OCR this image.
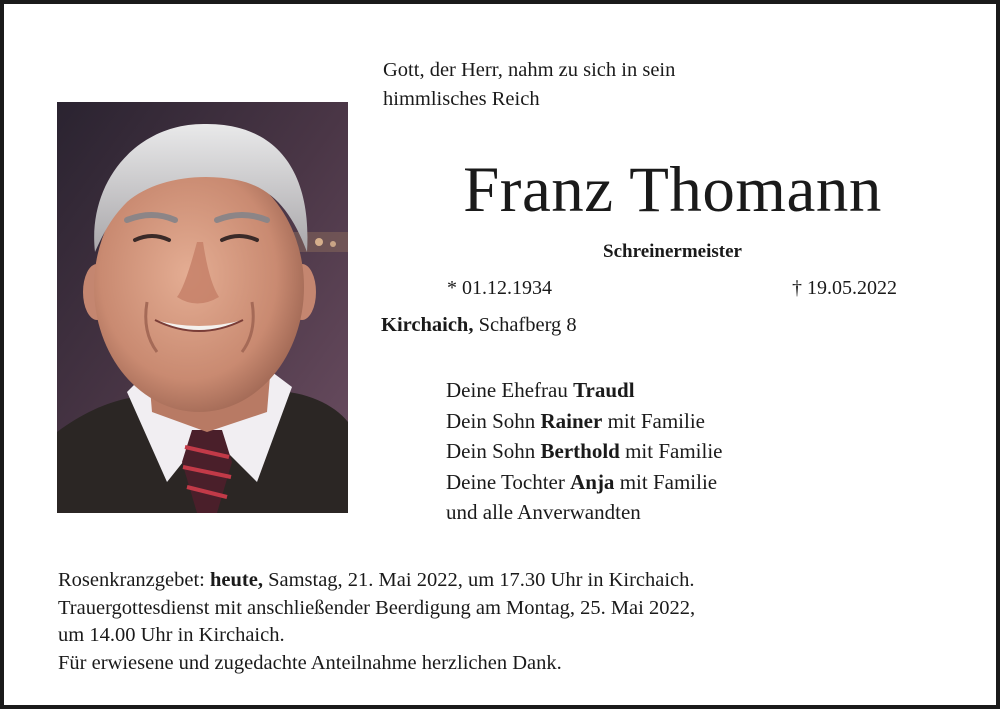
Gott, der Herr, nahm zu sich in sein
himmlisches Reich
Franz Thomann
Schreinermeister
* 01.12.1934	† 19.05.2022
Kirchaich, Schafberg 8
Deine Ehefrau Traudl
Dein Sohn Rainer mit Familie
Dein Sohn Berthold mit Familie
Deine Tochter Anja mit Familie
und alle Anverwandten
Rosenkranzgebet: heute, Samstag, 21. Mai 2022, um 17.30 Uhr in Kirchaich.
Trauergottesdienst mit anschließender Beerdigung am Montag, 25. Mai 2022,
um 14.00 Uhr in Kirchaich.
Für erwiesene und zugedachte Anteilnahme herzlichen Dank.
